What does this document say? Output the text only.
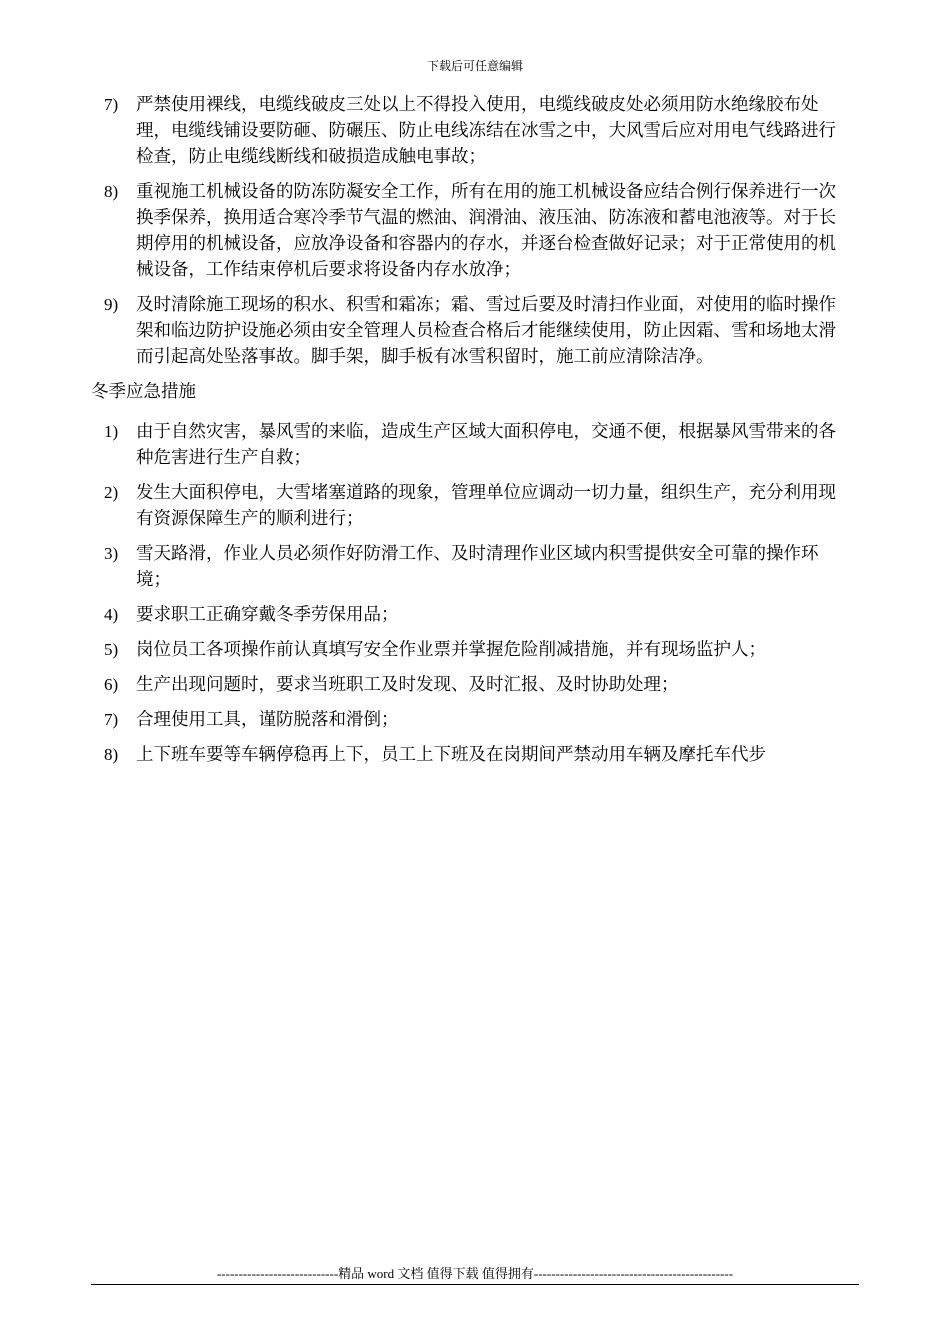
下载后可任意编辑
7) 严禁使用裸线，电缆线破皮三处以上不得投入使用，电缆线破皮处必须用防水绝缘胶布处理，电缆线铺设要防砸、防碾压、防止电线冻结在冰雪之中，大风雪后应对用电气线路进行检查，防止电缆线断线和破损造成触电事故；
8) 重视施工机械设备的防冻防凝安全工作，所有在用的施工机械设备应结合例行保养进行一次换季保养，换用适合寒冷季节气温的燃油、润滑油、液压油、防冻液和蓄电池液等。对于长期停用的机械设备，应放净设备和容器内的存水，并逐台检查做好记录；对于正常使用的机械设备，工作结束停机后要求将设备内存水放净；
9) 及时清除施工现场的积水、积雪和霜冻；霜、雪过后要及时清扫作业面，对使用的临时操作架和临边防护设施必须由安全管理人员检查合格后才能继续使用，防止因霜、雪和场地太滑而引起高处坠落事故。脚手架，脚手板有冰雪积留时，施工前应清除洁净。
冬季应急措施
1) 由于自然灾害，暴风雪的来临，造成生产区域大面积停电，交通不便，根据暴风雪带来的各种危害进行生产自救；
2) 发生大面积停电，大雪堵塞道路的现象，管理单位应调动一切力量，组织生产，充分利用现有资源保障生产的顺利进行；
3) 雪天路滑，作业人员必须作好防滑工作、及时清理作业区域内积雪提供安全可靠的操作环境；
4) 要求职工正确穿戴冬季劳保用品；
5) 岗位员工各项操作前认真填写安全作业票并掌握危险削减措施，并有现场监护人；
6) 生产出现问题时，要求当班职工及时发现、及时汇报、及时协助处理；
7) 合理使用工具，谨防脱落和滑倒；
8) 上下班车要等车辆停稳再上下，员工上下班及在岗期间严禁动用车辆及摩托车代步
----------------------------精品 word 文档 值得下载 值得拥有----------------------------------------------
